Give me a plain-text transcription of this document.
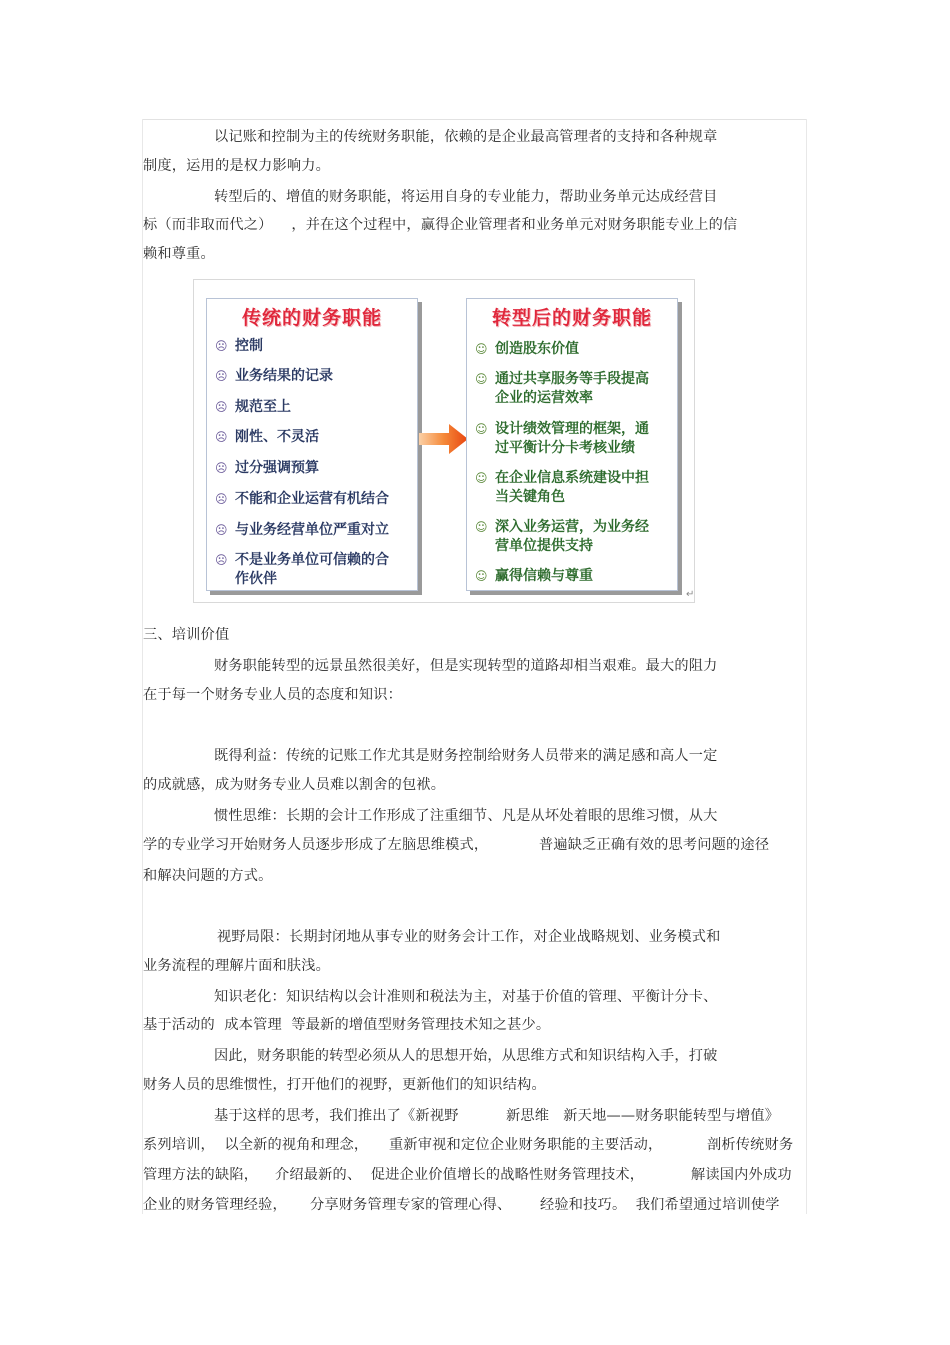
以记账和控制为主的传统财务职能，依赖的是企业最高管理者的支持和各种规章
制度，运用的是权力影响力。
转型后的、增值的财务职能，将运用自身的专业能力，帮助业务单元达成经营目
标（而非取而代之）    ，并在这个过程中，赢得企业管理者和业务单元对财务职能专业上的信
赖和尊重。
传统的财务职能
☹ 控制
☹ 业务结果的记录
☹ 规范至上
☹ 刚性、不灵活
☹ 过分强调预算
☹ 不能和企业运营有机结合
☹ 与业务经营单位严重对立
☹ 不是业务单位可信赖的合
作伙伴
转型后的财务职能
☺ 创造股东价值
☺ 通过共享服务等手段提高
企业的运营效率
☺ 设计绩效管理的框架，通
过平衡计分卡考核业绩
☺ 在企业信息系统建设中担
当关键角色
☺ 深入业务运营，为业务经
营单位提供支持
☺ 赢得信赖与尊重
↵
三、培训价值
财务职能转型的远景虽然很美好，但是实现转型的道路却相当艰难。最大的阻力
在于每一个财务专业人员的态度和知识：
既得利益：传统的记账工作尤其是财务控制给财务人员带来的满足感和高人一定
的成就感，成为财务专业人员难以割舍的包袱。
惯性思维：长期的会计工作形成了注重细节、凡是从坏处着眼的思维习惯，从大
学的专业学习开始财务人员逐步形成了左脑思维模式，	普遍缺乏正确有效的思考问题的途径
和解决问题的方式。
视野局限：长期封闭地从事专业的财务会计工作，对企业战略规划、业务模式和
业务流程的理解片面和肤浅。
知识老化：知识结构以会计准则和税法为主，对基于价值的管理、平衡计分卡、
基于活动的  成本管理  等最新的增值型财务管理技术知之甚少。
因此，财务职能的转型必须从人的思想开始，从思维方式和知识结构入手，打破
财务人员的思维惯性，打开他们的视野，更新他们的知识结构。
基于这样的思考，我们推出了《新视野	新思维   新天地——财务职能转型与增值》
系列培训，  以全新的视角和理念， 重新审视和定位企业财务职能的主要活动，	剖析传统财务
管理方法的缺陷， 介绍最新的、  促进企业价值增长的战略性财务管理技术，	解读国内外成功
企业的财务管理经验， 分享财务管理专家的管理心得、 经验和技巧。  我们希望通过培训使学
